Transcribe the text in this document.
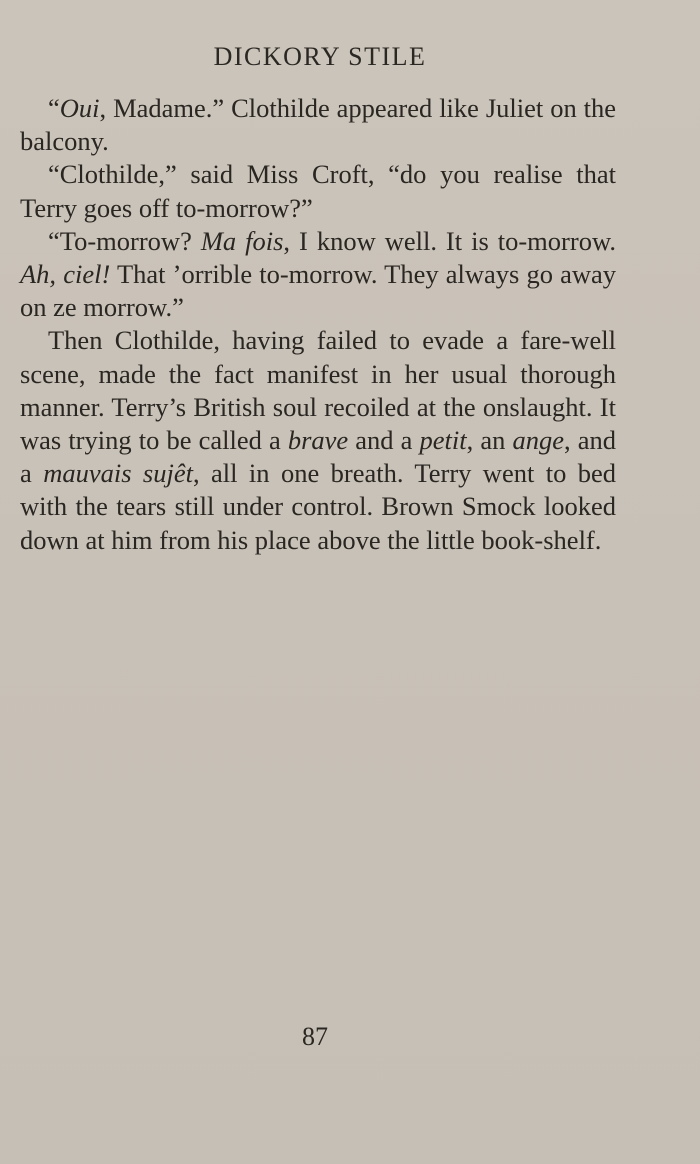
DICKORY STILE

“Oui, Madame.” Clothilde appeared like Juliet on the balcony.

“Clothilde,” said Miss Croft, “do you realise that Terry goes off to-morrow?”

“To-morrow? Ma fois, I know well. It is to-morrow. Ah, ciel! That ’orrible to-morrow. They always go away on ze morrow.”

Then Clothilde, having failed to evade a fare-well scene, made the fact manifest in her usual thorough manner. Terry’s British soul recoiled at the onslaught. It was trying to be called a brave and a petit, an ange, and a mauvais sujêt, all in one breath. Terry went to bed with the tears still under control. Brown Smock looked down at him from his place above the little book-shelf.

87
